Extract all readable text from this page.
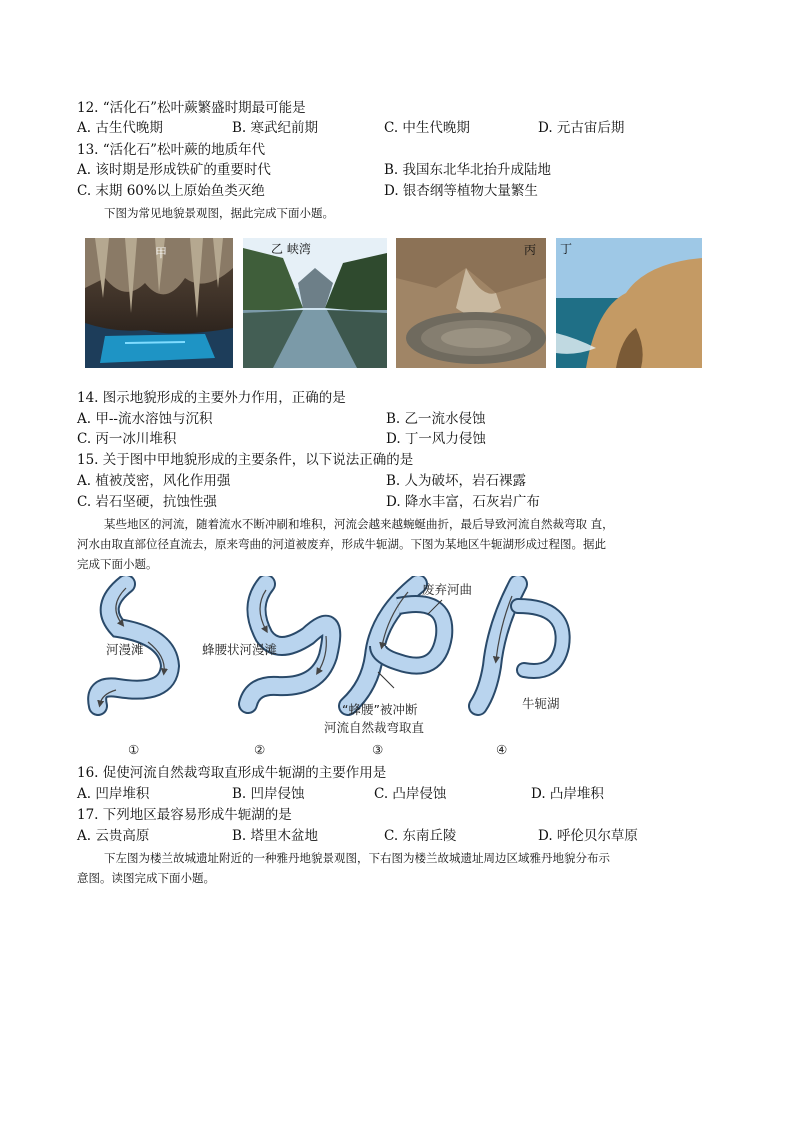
12. “活化石”松叶蕨繁盛时期最可能是
A. 古生代晚期	B. 寒武纪前期	C. 中生代晚期	D. 元古宙后期
13. “活化石”松叶蕨的地质年代
A. 该时期是形成铁矿的重要时代	B. 我国东北华北抬升成陆地
C. 末期 60%以上原始鱼类灭绝	D. 银杏纲等植物大量繁生
下图为常见地貌景观图，据此完成下面小题。
甲	乙 峡湾	丙 丁
14. 图示地貌形成的主要外力作用，正确的是
A. 甲--流水溶蚀与沉积	B. 乙一流水侵蚀
C. 丙一冰川堆积	D. 丁一风力侵蚀
15. 关于图中甲地貌形成的主要条件，以下说法正确的是
A. 植被茂密，风化作用强	B. 人为破坏，岩石裸露
C. 岩石坚硬，抗蚀性强	D. 降水丰富，石灰岩广布
某些地区的河流，随着流水不断冲刷和堆积，河流会越来越蜿蜒曲折，最后导致河流自然裁弯取 直，
河水由取直部位径直流去，原来弯曲的河道被废弃，形成牛轭湖。下图为某地区牛轭湖形成过程图。据此
完成下面小题。
河漫滩	蜂腰状河漫滩
废弃河曲
“蜂腰”被冲断
河流自然裁弯取直
牛轭湖
①	②	③	④
16. 促使河流自然裁弯取直形成牛轭湖的主要作用是
A. 凹岸堆积	B. 凹岸侵蚀	C. 凸岸侵蚀	D. 凸岸堆积
17. 下列地区最容易形成牛轭湖的是
A. 云贵高原	B. 塔里木盆地	C. 东南丘陵	D. 呼伦贝尔草原
下左图为楼兰故城遗址附近的一种雅丹地貌景观图，下右图为楼兰故城遗址周边区域雅丹地貌分布示
意图。读图完成下面小题。
